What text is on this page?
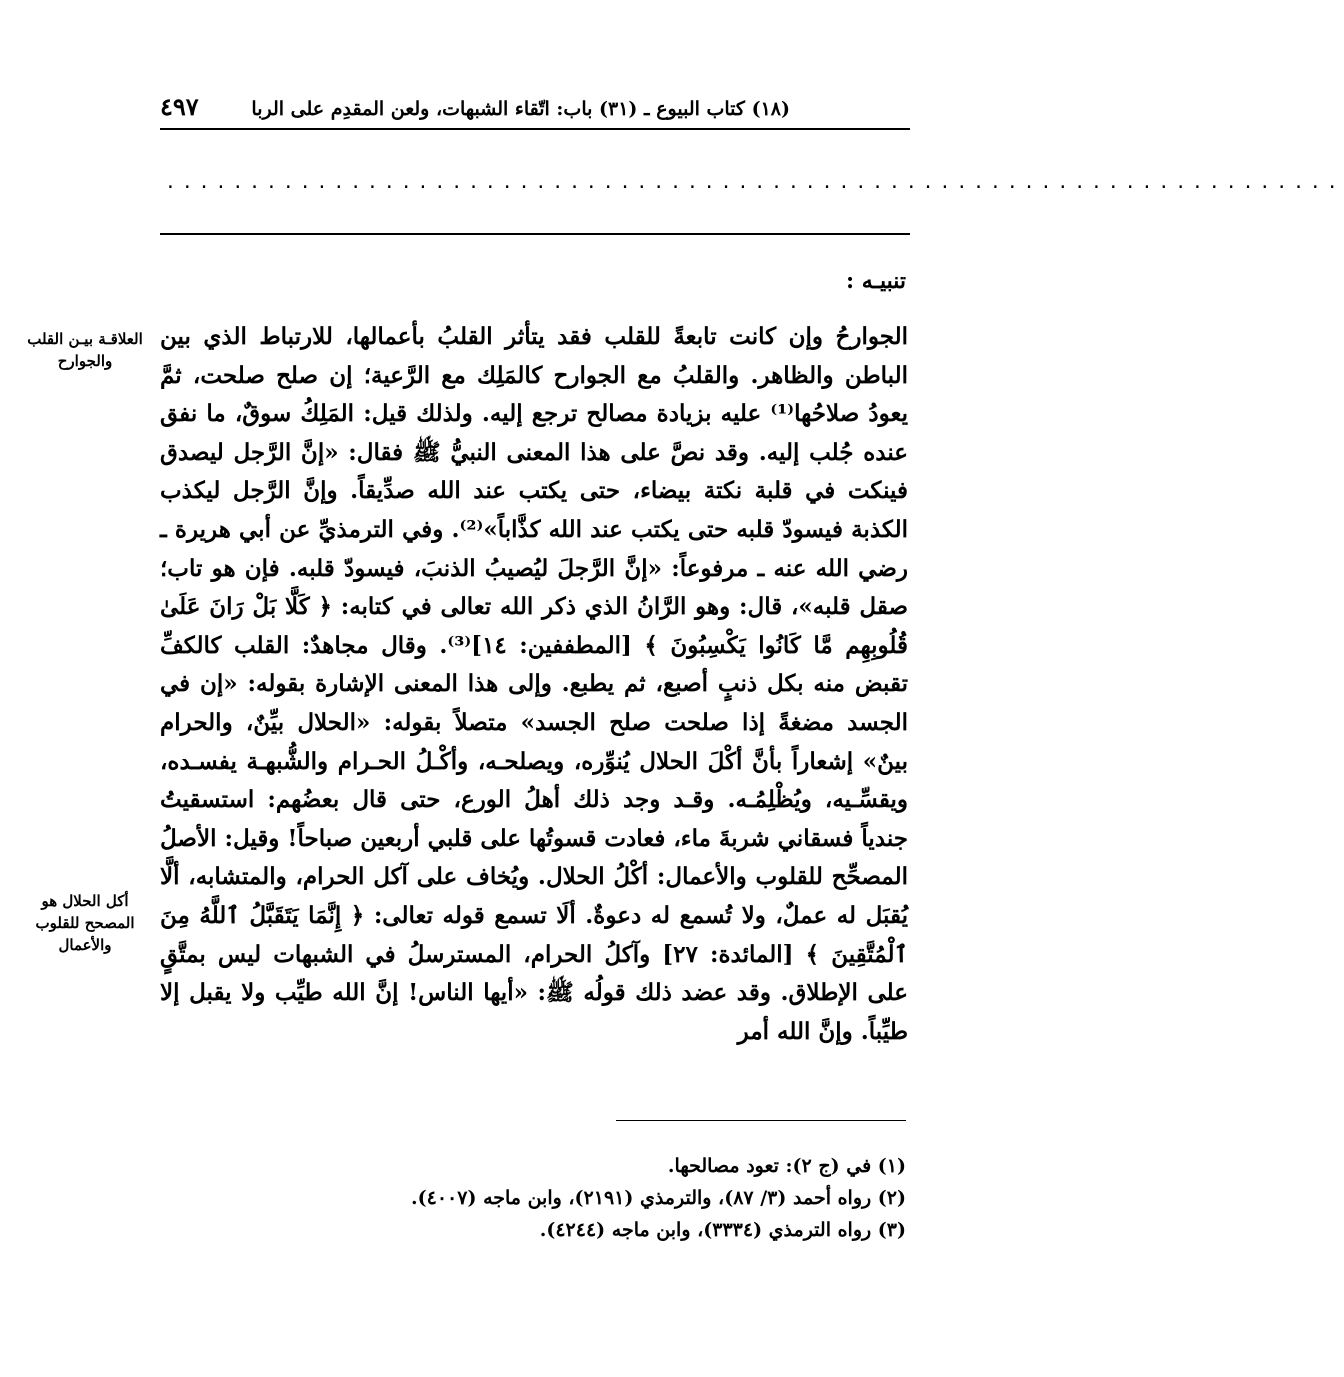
(١٨) كتاب البيوع ـ (٣١) باب: اتّقاء الشبهات، ولعن المقدِم على الربا
٤٩٧
......................................................................
تنبيـه :

الجوارحُ وإن كانت تابعةً للقلب فقد يتأثر القلبُ بأعمالها، للارتباط الذي بين الباطن والظاهر. والقلبُ مع الجوارح كالمَلِك مع الرَّعية؛ إن صلح صلحت، ثمَّ يعودُ صلاحُها⁽¹⁾ عليه بزيادة مصالح ترجع إليه. ولذلك قيل: المَلِكُ سوقٌ، ما نفق عنده جُلب إليه. وقد نصَّ على هذا المعنى النبيُّ ﷺ فقال: «إنَّ الرَّجل ليصدق فينكت في قلبة نكتة بيضاء، حتى يكتب عند الله صدِّيقاً. وإنَّ الرَّجل ليكذب الكذبة فيسودّ قلبه حتى يكتب عند الله كذَّاباً»⁽²⁾. وفي الترمذيِّ عن أبي هريرة ـ رضي الله عنه ـ مرفوعاً: «إنَّ الرَّجلَ ليُصيبُ الذنبَ، فيسودّ قلبه. فإن هو تاب؛ صقل قلبه»، قال: وهو الرَّانُ الذي ذكر الله تعالى في كتابه: ﴿ كَلَّا بَلْ رَانَ عَلَىٰ قُلُوبِهِم مَّا كَانُوا يَكْسِبُونَ ﴾ [المطففين: ١٤]⁽³⁾. وقال مجاهدٌ: القلب كالكفِّ تقبض منه بكل ذنبٍ أصبع، ثم يطبع. وإلى هذا المعنى الإشارة بقوله: «إن في الجسد مضغةً إذا صلحت صلح الجسد» متصلاً بقوله: «الحلال بيِّنٌ، والحرام بينٌ» إشعاراً بأنَّ أكْلَ الحلال يُنوِّره، ويصلحـه، وأكْـلُ الحـرام والشُّبهـة يفسـده، ويقسِّـيه، ويُظْلِمُـه. وقـد وجد ذلك أهلُ الورع، حتى قال بعضُهم: استسقيتُ جندياً فسقاني شربةَ ماء، فعادت قسوتُها على قلبي أربعين صباحاً! وقيل: الأصلُ المصحِّح للقلوب والأعمال: أكْلُ الحلال. ويُخاف على آكل الحرام، والمتشابه، ألَّا يُقبَل له عملٌ، ولا تُسمع له دعوةٌ. ألَا تسمع قوله تعالى: ﴿ إِنَّمَا يَتَقَبَّلُ ٱللَّهُ مِنَ ٱلْمُتَّقِينَ ﴾ [المائدة: ٢٧] وآكلُ الحرام، المسترسلُ في الشبهات ليس بمتَّقٍ على الإطلاق. وقد عضد ذلك قولُه ﷺ: «أيها الناس! إنَّ الله طيِّب ولا يقبل إلا طيِّباً. وإنَّ الله أمر

العلاقـة بيـن القلب والجوارح
أكل الحلال هو المصحح للقلوب والأعمال
(١) في (ج ٢): تعود مصالحها.
(٢) رواه أحمد (٣/ ٨٧)، والترمذي (٢١٩١)، وابن ماجه (٤٠٠٧).
(٣) رواه الترمذي (٣٣٣٤)، وابن ماجه (٤٢٤٤).
